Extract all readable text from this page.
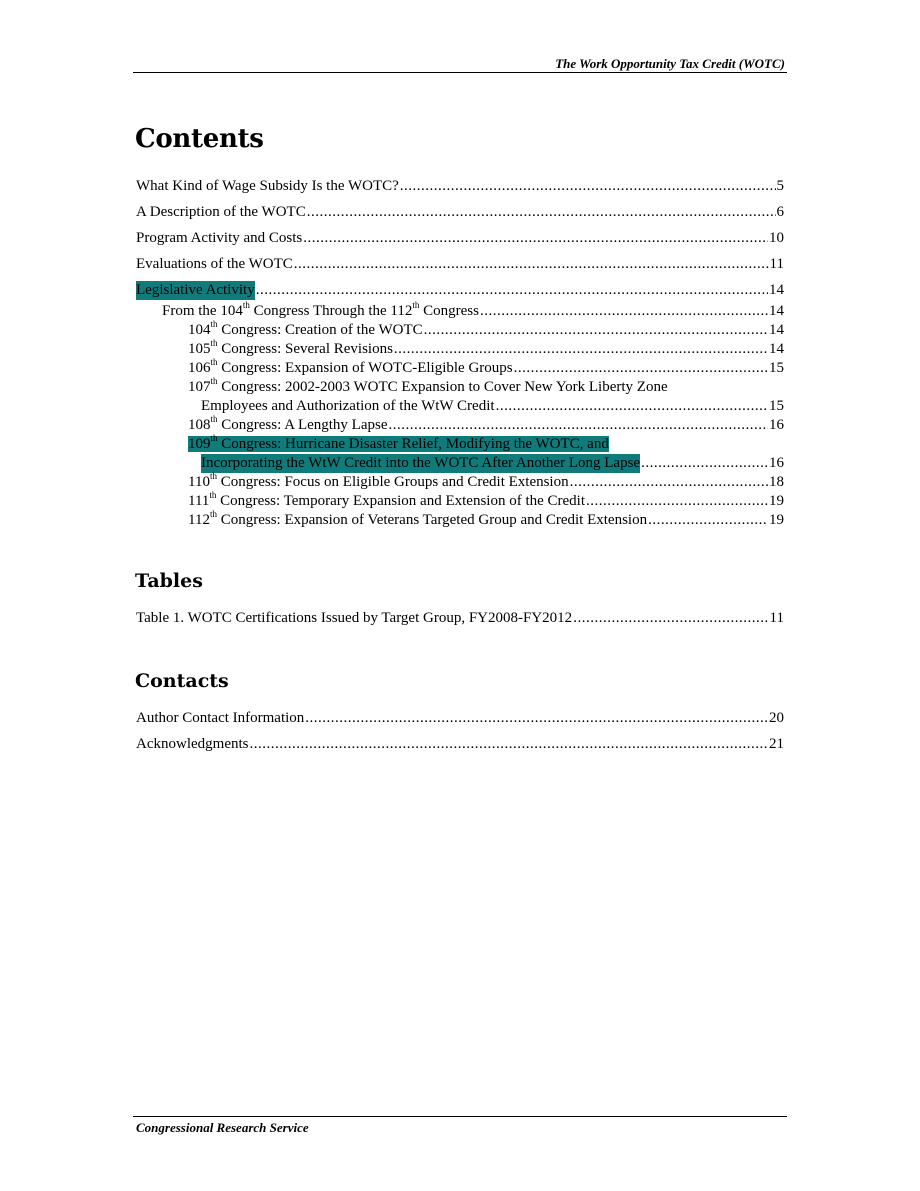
The Work Opportunity Tax Credit (WOTC)
Contents
What Kind of Wage Subsidy Is the WOTC? .....	5
A Description of the WOTC .....	6
Program Activity and Costs .....	10
Evaluations of the WOTC .....	11
Legislative Activity .....	14
From the 104th Congress Through the 112th Congress .....	14
104th Congress: Creation of the WOTC .....	14
105th Congress: Several Revisions .....	14
106th Congress: Expansion of WOTC-Eligible Groups .....	15
107th Congress: 2002-2003 WOTC Expansion to Cover New York Liberty Zone
Employees and Authorization of the WtW Credit .....	15
108th Congress: A Lengthy Lapse .....	16
109th Congress: Hurricane Disaster Relief, Modifying the WOTC, and
Incorporating the WtW Credit into the WOTC After Another Long Lapse .....	16
110th Congress: Focus on Eligible Groups and Credit Extension .....	18
111th Congress: Temporary Expansion and Extension of the Credit .....	19
112th Congress: Expansion of Veterans Targeted Group and Credit Extension .....	19
Tables
Table 1. WOTC Certifications Issued by Target Group, FY2008-FY2012 .....	11
Contacts
Author Contact Information .....	20
Acknowledgments .....	21
Congressional Research Service
